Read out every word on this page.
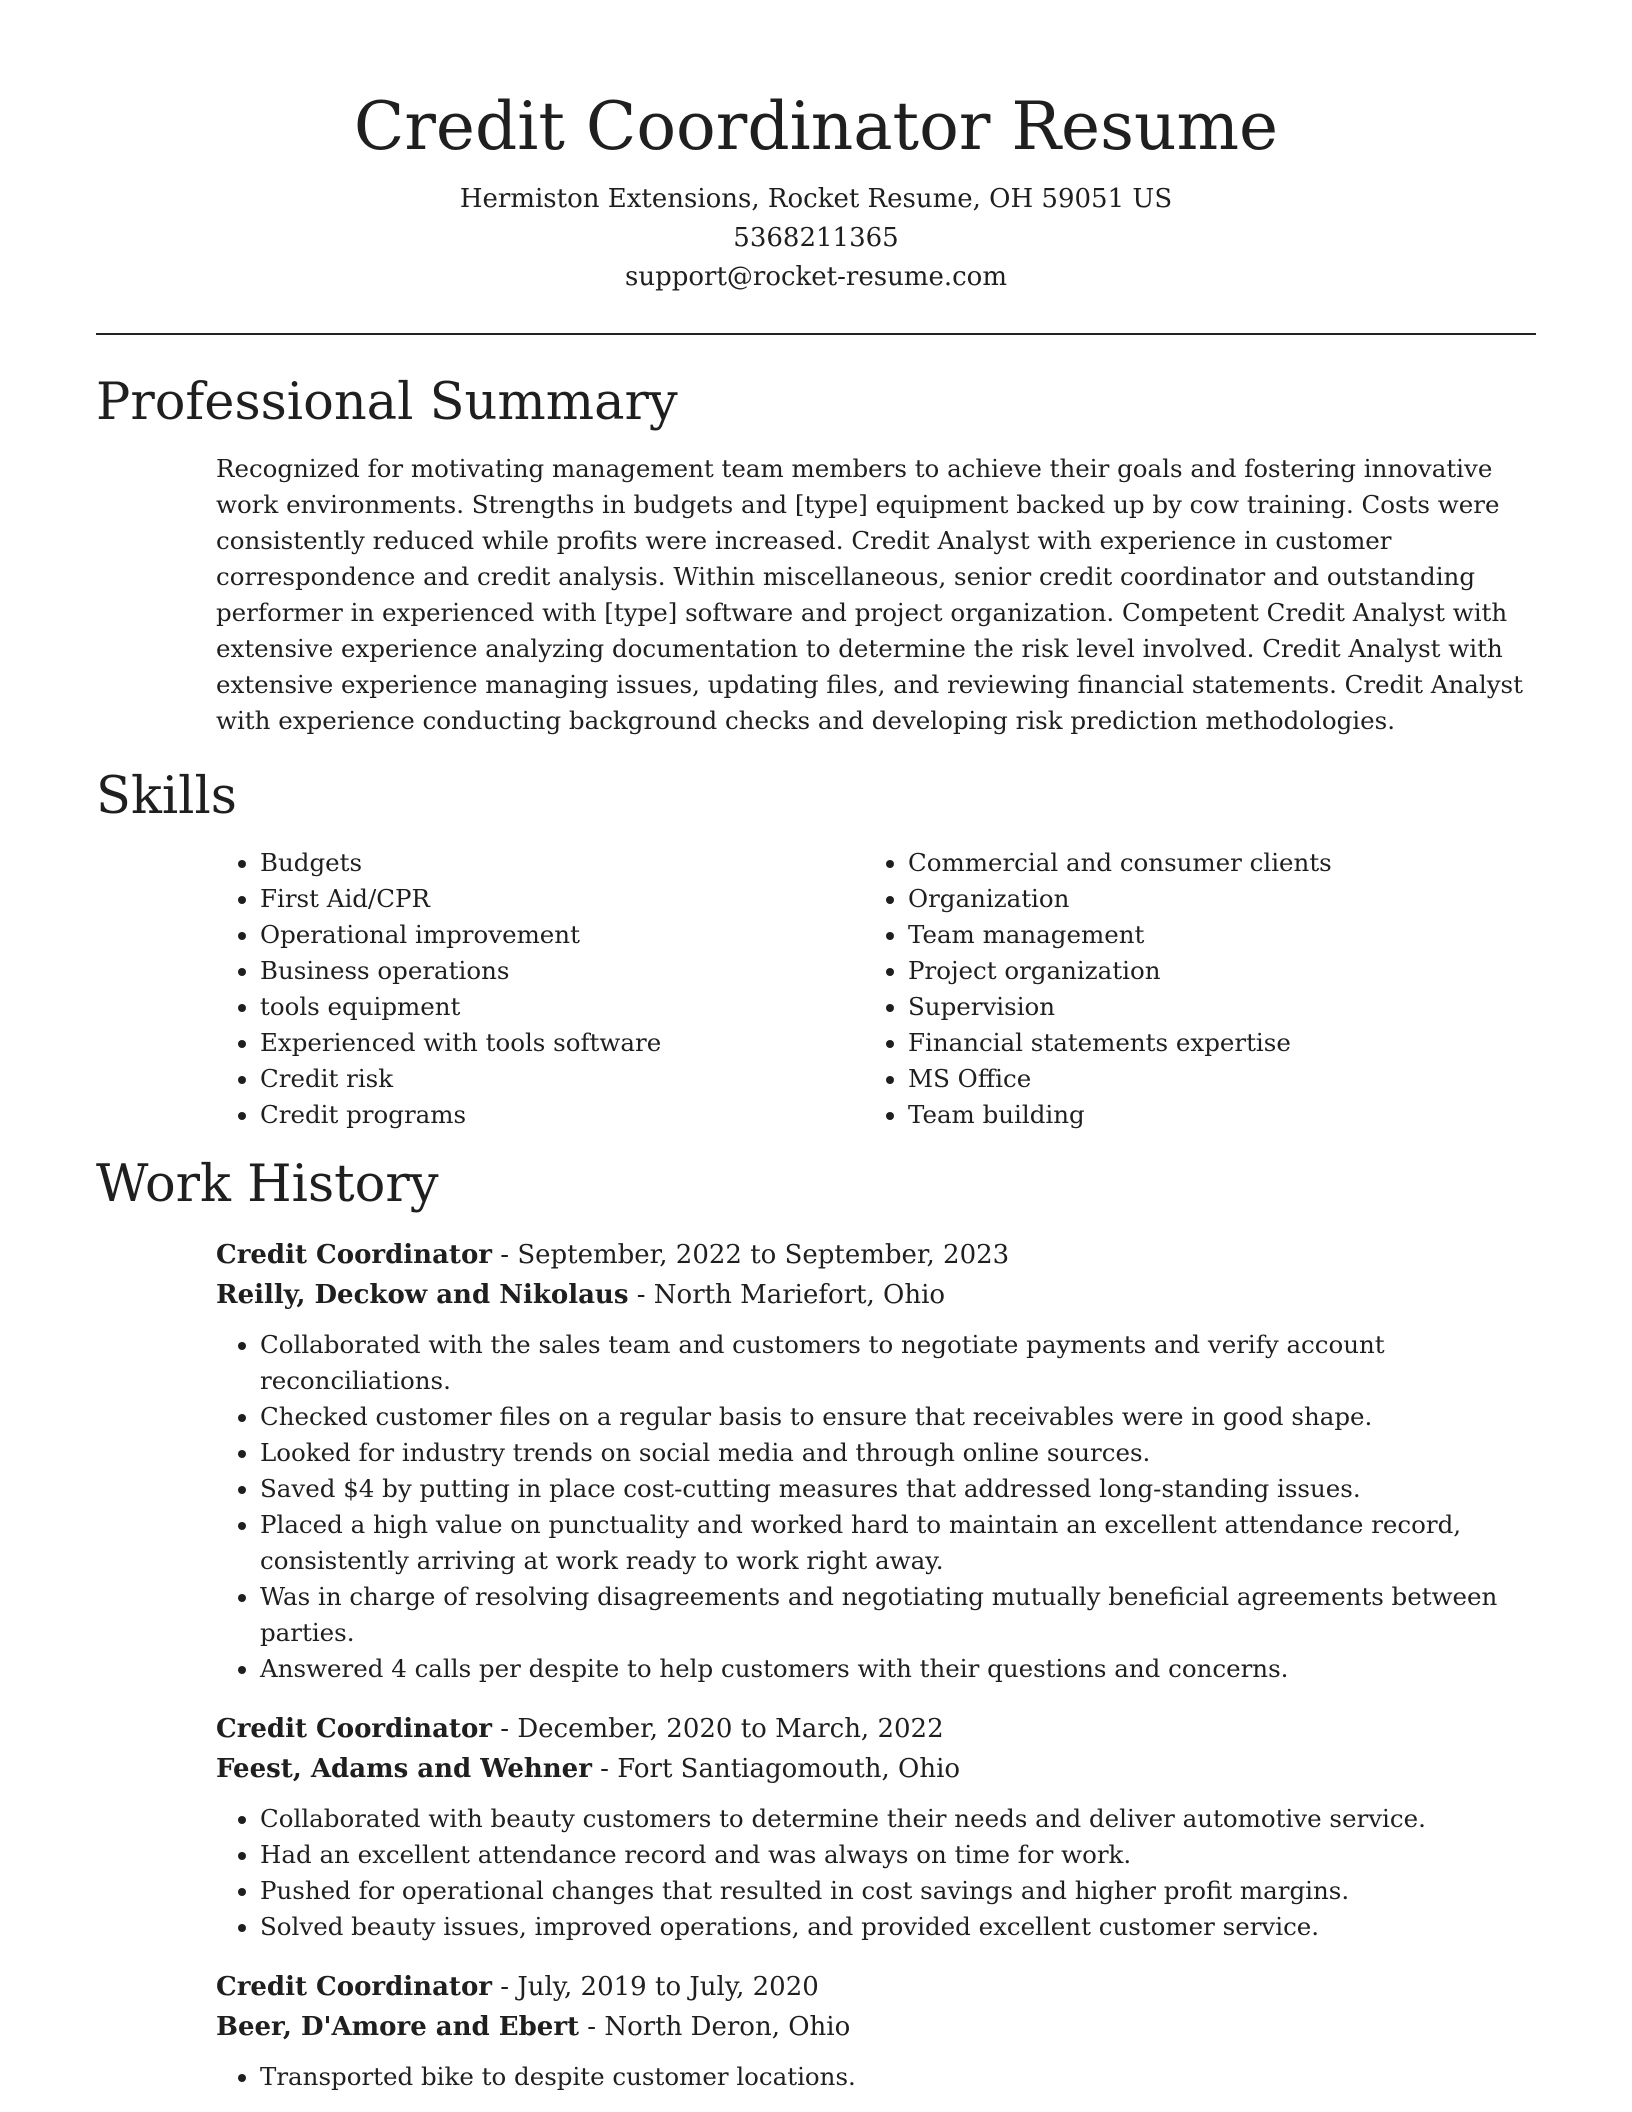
Credit Coordinator Resume
Hermiston Extensions, Rocket Resume, OH 59051 US
5368211365
support@rocket-resume.com
Professional Summary

Recognized for motivating management team members to achieve their goals and fostering innovative work environments. Strengths in budgets and [type] equipment backed up by cow training. Costs were consistently reduced while profits were increased. Credit Analyst with experience in customer correspondence and credit analysis. Within miscellaneous, senior credit coordinator and outstanding performer in experienced with [type] software and project organization. Competent Credit Analyst with extensive experience analyzing documentation to determine the risk level involved. Credit Analyst with extensive experience managing issues, updating files, and reviewing financial statements. Credit Analyst with experience conducting background checks and developing risk prediction methodologies.

Skills
• Budgets
• First Aid/CPR
• Operational improvement
• Business operations
• tools equipment
• Experienced with tools software
• Credit risk
• Credit programs
• Commercial and consumer clients
• Organization
• Team management
• Project organization
• Supervision
• Financial statements expertise
• MS Office
• Team building
Work History
Credit Coordinator - September, 2022 to September, 2023
Reilly, Deckow and Nikolaus - North Mariefort, Ohio
• Collaborated with the sales team and customers to negotiate payments and verify account reconciliations.
• Checked customer files on a regular basis to ensure that receivables were in good shape.
• Looked for industry trends on social media and through online sources.
• Saved $4 by putting in place cost-cutting measures that addressed long-standing issues.
• Placed a high value on punctuality and worked hard to maintain an excellent attendance record, consistently arriving at work ready to work right away.
• Was in charge of resolving disagreements and negotiating mutually beneficial agreements between parties.
• Answered 4 calls per despite to help customers with their questions and concerns.
Credit Coordinator - December, 2020 to March, 2022
Feest, Adams and Wehner - Fort Santiagomouth, Ohio
• Collaborated with beauty customers to determine their needs and deliver automotive service.
• Had an excellent attendance record and was always on time for work.
• Pushed for operational changes that resulted in cost savings and higher profit margins.
• Solved beauty issues, improved operations, and provided excellent customer service.
Credit Coordinator - July, 2019 to July, 2020
Beer, D'Amore and Ebert - North Deron, Ohio
• Transported bike to despite customer locations.
